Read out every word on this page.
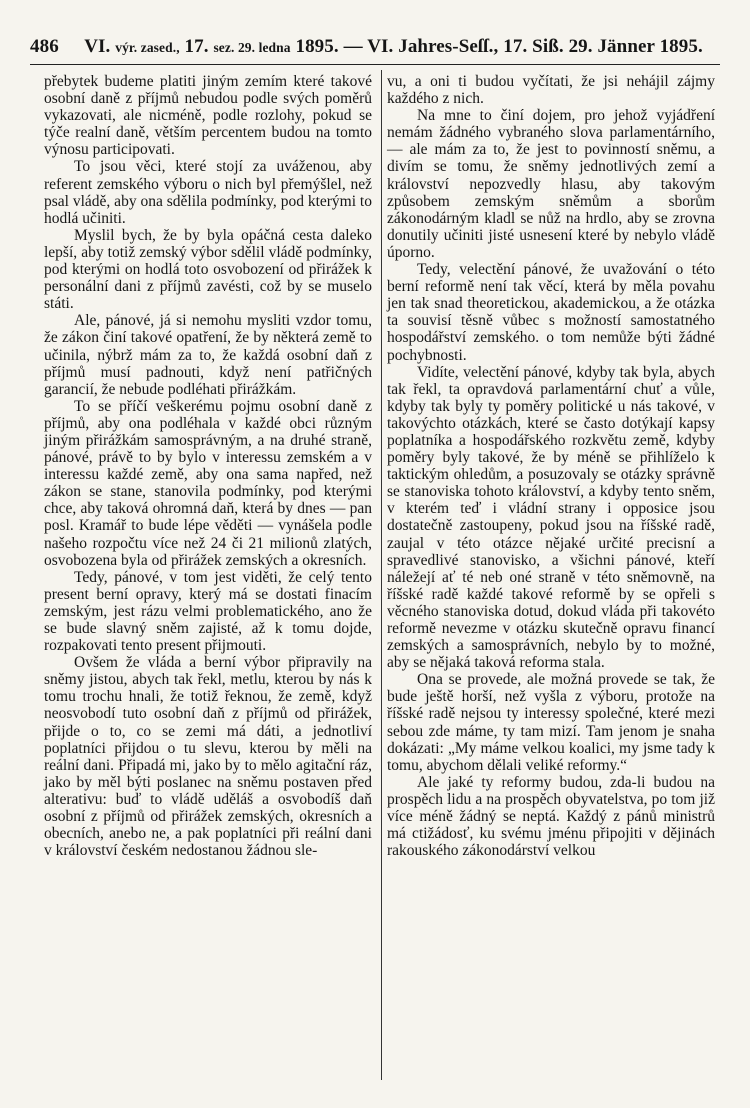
486 VI. výr. zased., 17. sez. 29. ledna 1895. — VI. Jahres-Seſſ., 17. Siß. 29. Jänner 1895.

přebytek budeme platiti jiným zemím které takové osobní daně z příjmů nebudou podle svých poměrů vykazovati, ale nicméně, podle rozlohy, pokud se týče realní daně, větším percentem budou na tomto výnosu participovati.

To jsou věci, které stojí za uváženou, aby referent zemského výboru o nich byl přemýšlel, než psal vládě, aby ona sdělila podmínky, pod kterými to hodlá učiniti.

Myslil bych, že by byla opáčná cesta daleko lepší, aby totiž zemský výbor sdělil vládě podmínky, pod kterými on hodlá toto osvobození od přirážek k personální dani z příjmů zavésti, což by se muselo státi.

Ale, pánové, já si nemohu mysliti vzdor tomu, že zákon činí takové opatření, že by některá země to učinila, nýbrž mám za to, že každá osobní daň z příjmů musí padnouti, když není patřičných garancií, že nebude podléhati přirážkám.

To se příčí veškerému pojmu osobní daně z příjmů, aby ona podléhala v každé obci různým jiným přirážkám samosprávným, a na druhé straně, pánové, právě to by bylo v interessu zemském a v interessu každé země, aby ona sama napřed, než zákon se stane, stanovila podmínky, pod kterými chce, aby taková ohromná daň, která by dnes — pan posl. Kramář to bude lépe věděti — vynášela podle našeho rozpočtu více než 24 či 21 milionů zlatých, osvobozena byla od přirážek zemských a okresních.

Tedy, pánové, v tom jest viděti, že celý tento present berní opravy, který má se dostati finacím zemským, jest rázu velmi problematického, ano že se bude slavný sněm zajisté, až k tomu dojde, rozpakovati tento present přijmouti.

Ovšem že vláda a berní výbor připravily na sněmy jistou, abych tak řekl, metlu, kterou by nás k tomu trochu hnali, že totiž řeknou, že země, když neosvobodí tuto osobní daň z příjmů od přirážek, přijde o to, co se zemi má dáti, a jednotliví poplatníci přijdou o tu slevu, kterou by měli na reální dani. Připadá mi, jako by to mělo agitační ráz, jako by měl býti poslanec na sněmu postaven před alterativu: buď to vládě uděláš a osvobodíš daň osobní z příjmů od přirážek zemských, okresních a obecních, anebo ne, a pak poplatníci při reální dani v království českém nedostanou žádnou sle-

vu, a oni ti budou vyčítati, že jsi nehájil zájmy každého z nich.

Na mne to činí dojem, pro jehož vyjádření nemám žádného vybraného slova parlamentárního, — ale mám za to, že jest to povinností sněmu, a divím se tomu, že sněmy jednotlivých zemí a království nepozvedly hlasu, aby takovým způsobem zemským sněmům a sborům zákonodárným kladl se nůž na hrdlo, aby se zrovna donutily učiniti jisté usnesení které by nebylo vládě úporno.

Tedy, velectění pánové, že uvažování o této berní reformě není tak věcí, která by měla povahu jen tak snad theoretickou, akademickou, a že otázka ta souvisí těsně vůbec s možností samostatného hospodářství zemského. o tom nemůže býti žádné pochybnosti.

Vidíte, velectění pánové, kdyby tak byla, abych tak řekl, ta opravdová parlamentární chuť a vůle, kdyby tak byly ty poměry politické u nás takové, v takovýchto otázkách, které se často dotýkají kapsy poplatníka a hospodářského rozkvětu země, kdyby poměry byly takové, že by méně se přihlíželo k taktickým ohledům, a posuzovaly se otázky správně se stanoviska tohoto království, a kdyby tento sněm, v kterém teď i vládní strany i opposice jsou dostatečně zastoupeny, pokud jsou na říšské radě, zaujal v této otázce nějaké určité precisní a spravedlivé stanovisko, a všichni pánové, kteří náležejí ať té neb oné straně v této sněmovně, na říšské radě každé takové reformě by se opřeli s věcného stanoviska dotud, dokud vláda při takovéto reformě nevezme v otázku skutečně opravu financí zemských a samosprávních, nebylo by to možné, aby se nějaká taková reforma stala.

Ona se provede, ale možná provede se tak, že bude ještě horší, než vyšla z výboru, protože na říšské radě nejsou ty interessy společné, které mezi sebou zde máme, ty tam mizí. Tam jenom je snaha dokázati: „My máme velkou koalici, my jsme tady k tomu, abychom dělali veliké reformy.“

Ale jaké ty reformy budou, zda-li budou na prospěch lidu a na prospěch obyvatelstva, po tom již více méně žádný se neptá. Každý z pánů ministrů má ctižádosť, ku svému jménu připojiti v dějinách rakouského zákonodárství velkou
